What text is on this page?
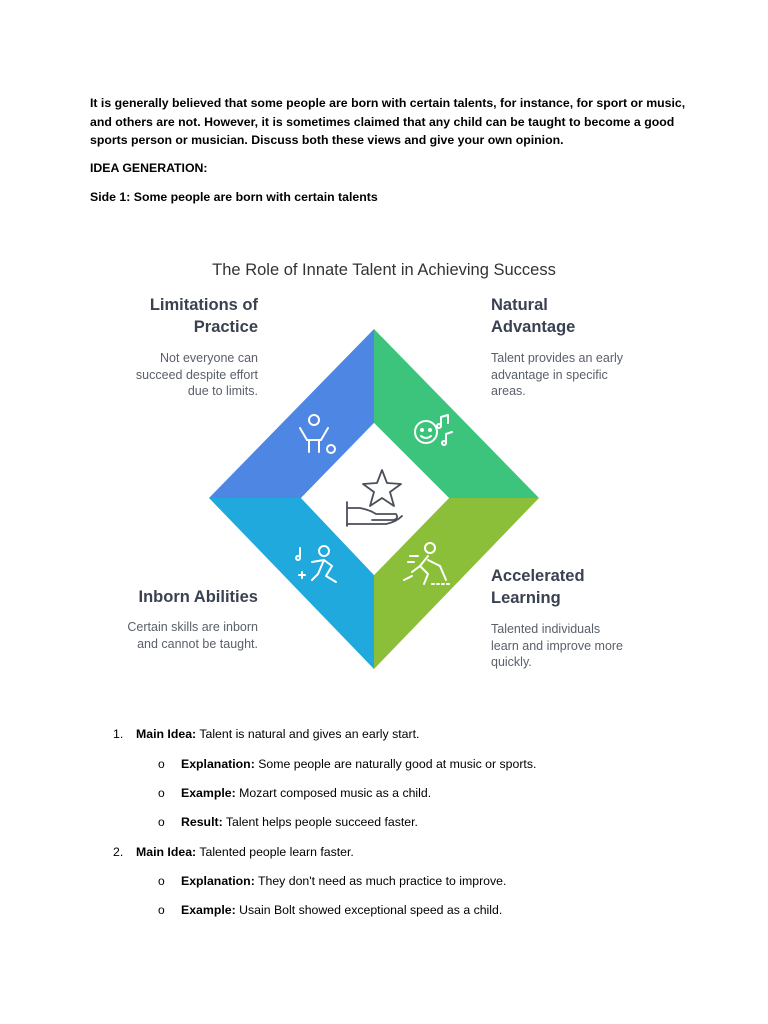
It is generally believed that some people are born with certain talents, for instance, for sport or music,
and others are not. However, it is sometimes claimed that any child can be taught to become a good
sports person or musician. Discuss both these views and give your own opinion.

IDEA GENERATION:

Side 1: Some people are born with certain talents

The Role of Innate Talent in Achieving Success

Limitations of
Practice
Not everyone can
succeed despite effort
due to limits.
Natural
Advantage
Talent provides an early
advantage in specific
areas.
Inborn Abilities
Certain skills are inborn
and cannot be taught.
Accelerated
Learning
Talented individuals
learn and improve more
quickly.
1. Main Idea: Talent is natural and gives an early start.

o Explanation: Some people are naturally good at music or sports.

o Example: Mozart composed music as a child.

o Result: Talent helps people succeed faster.

2. Main Idea: Talented people learn faster.

o Explanation: They don't need as much practice to improve.

o Example: Usain Bolt showed exceptional speed as a child.
